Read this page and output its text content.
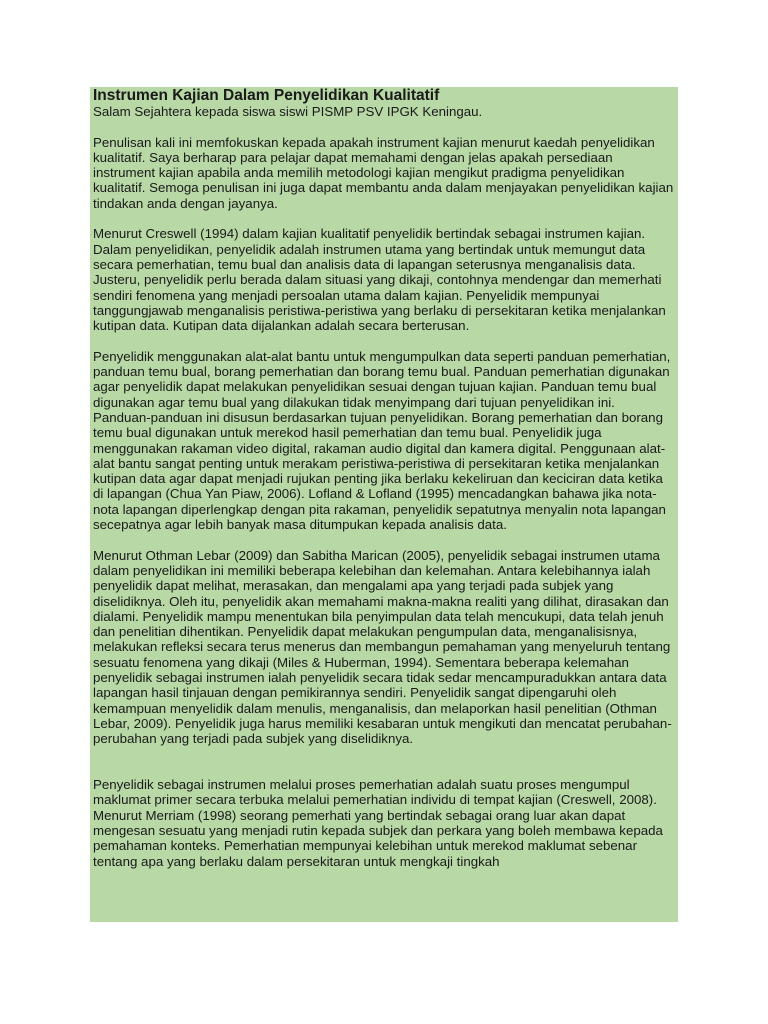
Instrumen Kajian Dalam Penyelidikan Kualitatif
Salam Sejahtera kepada siswa siswi PISMP PSV IPGK Keningau.
Penulisan kali ini memfokuskan kepada apakah instrument kajian menurut kaedah penyelidikan kualitatif. Saya berharap para pelajar dapat memahami dengan jelas apakah persediaan instrument kajian apabila anda memilih metodologi kajian mengikut pradigma penyelidikan kualitatif. Semoga penulisan ini juga dapat membantu anda dalam menjayakan penyelidikan kajian tindakan anda dengan jayanya.
Menurut Creswell (1994) dalam kajian kualitatif penyelidik bertindak sebagai instrumen kajian. Dalam penyelidikan, penyelidik adalah instrumen utama yang bertindak untuk memungut data secara pemerhatian, temu bual dan analisis data di lapangan seterusnya menganalisis data. Justeru, penyelidik perlu berada dalam situasi yang dikaji, contohnya mendengar dan memerhati sendiri fenomena yang menjadi persoalan utama dalam kajian. Penyelidik mempunyai tanggungjawab menganalisis peristiwa-peristiwa yang berlaku di persekitaran ketika menjalankan kutipan data. Kutipan data dijalankan adalah secara berterusan.
Penyelidik menggunakan alat-alat bantu untuk mengumpulkan data seperti panduan pemerhatian, panduan temu bual, borang pemerhatian dan borang temu bual. Panduan pemerhatian digunakan agar penyelidik dapat melakukan penyelidikan sesuai dengan tujuan kajian. Panduan temu bual digunakan agar temu bual yang dilakukan tidak menyimpang dari tujuan penyelidikan ini. Panduan-panduan ini disusun berdasarkan tujuan penyelidikan. Borang pemerhatian dan borang temu bual digunakan untuk merekod hasil pemerhatian dan temu bual. Penyelidik juga menggunakan rakaman video digital, rakaman audio digital dan kamera digital. Penggunaan alat-alat bantu sangat penting untuk merakam peristiwa-peristiwa di persekitaran ketika menjalankan kutipan data agar dapat menjadi rujukan penting jika berlaku kekeliruan dan keciciran data ketika di lapangan (Chua Yan Piaw, 2006). Lofland & Lofland (1995) mencadangkan bahawa jika nota-nota lapangan diperlengkap dengan pita rakaman, penyelidik sepatutnya menyalin nota lapangan secepatnya agar lebih banyak masa ditumpukan kepada analisis data.
Menurut Othman Lebar (2009) dan Sabitha Marican (2005), penyelidik sebagai instrumen utama dalam penyelidikan ini memiliki beberapa kelebihan dan kelemahan. Antara kelebihannya ialah penyelidik dapat melihat, merasakan, dan mengalami apa yang terjadi pada subjek yang diselidiknya. Oleh itu, penyelidik akan memahami makna-makna realiti yang dilihat, dirasakan dan dialami. Penyelidik mampu menentukan bila penyimpulan data telah mencukupi, data telah jenuh dan penelitian dihentikan. Penyelidik dapat melakukan pengumpulan data, menganalisisnya, melakukan refleksi secara terus menerus dan membangun pemahaman yang menyeluruh tentang sesuatu fenomena yang dikaji (Miles & Huberman, 1994). Sementara beberapa kelemahan penyelidik sebagai instrumen ialah penyelidik secara tidak sedar mencampuradukkan antara data lapangan hasil tinjauan dengan pemikirannya sendiri. Penyelidik sangat dipengaruhi oleh kemampuan menyelidik dalam menulis, menganalisis, dan melaporkan hasil penelitian (Othman Lebar, 2009). Penyelidik juga harus memiliki kesabaran untuk mengikuti dan mencatat perubahan-perubahan yang terjadi pada subjek yang diselidiknya.
Penyelidik sebagai instrumen melalui proses pemerhatian adalah suatu proses mengumpul maklumat primer secara terbuka melalui pemerhatian individu di tempat kajian (Creswell, 2008). Menurut Merriam (1998) seorang pemerhati yang bertindak sebagai orang luar akan dapat mengesan sesuatu yang menjadi rutin kepada subjek dan perkara yang boleh membawa kepada pemahaman konteks. Pemerhatian mempunyai kelebihan untuk merekod maklumat sebenar tentang apa yang berlaku dalam persekitaran untuk mengkaji tingkah
